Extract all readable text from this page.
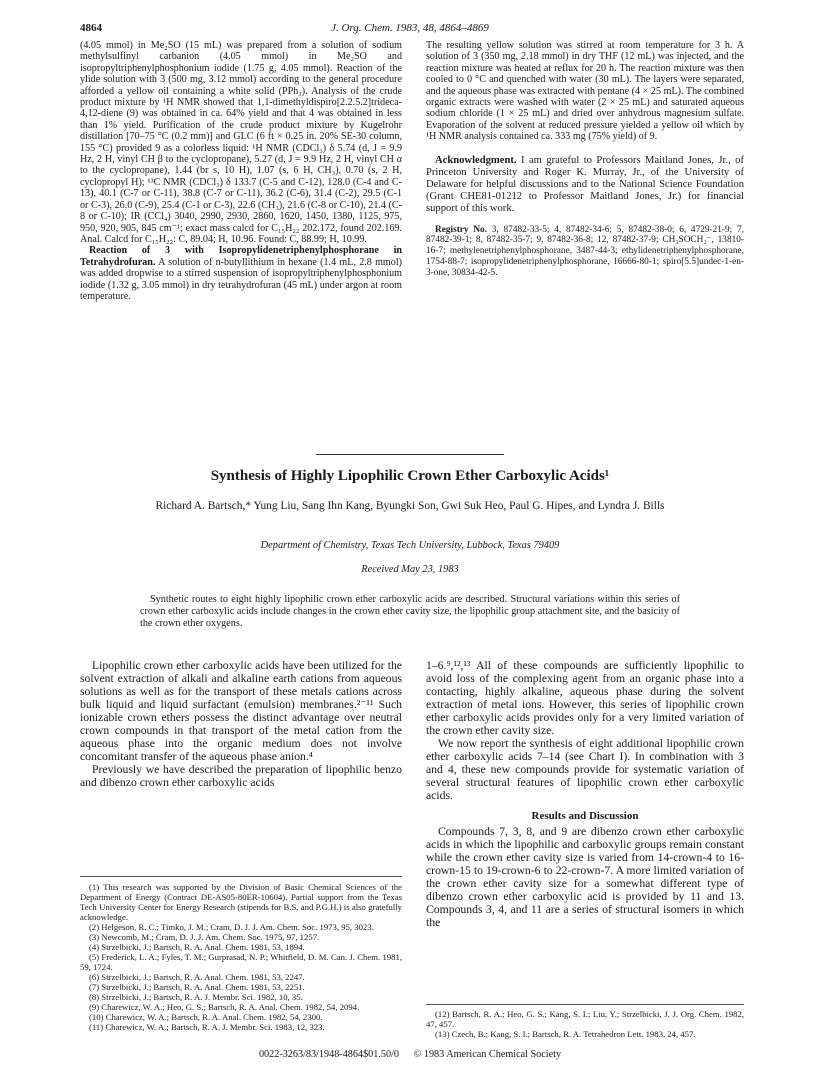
4864	J. Org. Chem. 1983, 48, 4864–4869

(4.05 mmol) in Me₂SO (15 mL) was prepared from a solution of sodium methylsulfinyl carbanion (4.05 mmol) in Me₂SO and isopropyltriphenylphosphonium iodide (1.75 g, 4.05 mmol). Reaction of the ylide solution with 3 (500 mg, 3.12 mmol) according to the general procedure afforded a yellow oil containing a white solid (PPh₃). Analysis of the crude product mixture by ¹H NMR showed that 1,1-dimethyldispiro[2.2.5.2]trideca-4,12-diene (9) was obtained in ca. 64% yield and that 4 was obtained in less than 1% yield. Purification of the crude product mixture by Kugelrohr distillation [70–75 °C (0.2 mm)] and GLC (6 ft × 0.25 in. 20% SE-30 column, 155 °C) provided 9 as a colorless liquid: ¹H NMR (CDCl₃) δ 5.74 (d, J = 9.9 Hz, 2 H, vinyl CH β to the cyclopropane), 5.27 (d, J = 9.9 Hz, 2 H, vinyl CH α to the cyclopropane), 1.44 (br s, 10 H), 1.07 (s, 6 H, CH₃), 0.70 (s, 2 H, cyclopropyl H); ¹³C NMR (CDCl₃) δ 133.7 (C-5 and C-12), 128.0 (C-4 and C-13), 40.1 (C-7 or C-11), 38.8 (C-7 or C-11), 36.2 (C-6), 31.4 (C-2), 29.5 (C-1 or C-3), 26.0 (C-9), 25.4 (C-1 or C-3), 22.6 (CH₃), 21.6 (C-8 or C-10), 21.4 (C-8 or C-10); IR (CCl₄) 3040, 2990, 2930, 2860, 1620, 1450, 1380, 1125, 975, 950, 920, 905, 845 cm⁻¹; exact mass calcd for C₁₅H₂₂ 202.172, found 202.169. Anal. Calcd for C₁₅H₂₂: C, 89.04; H, 10.96. Found: C, 88.99; H, 10.99.

Reaction of 3 with Isopropylidenetriphenylphosphorane in Tetrahydrofuran. A solution of n-butyllithium in hexane (1.4 mL, 2.8 mmol) was added dropwise to a stirred suspension of isopropyltriphenylphosphonium iodide (1.32 g, 3.05 mmol) in dry tetrahydrofuran (45 mL) under argon at room temperature.

The resulting yellow solution was stirred at room temperature for 3 h. A solution of 3 (350 mg, 2.18 mmol) in dry THF (12 mL) was injected, and the reaction mixture was heated at reflux for 20 h. The reaction mixture was then cooled to 0 °C and quenched with water (30 mL). The layers were separated, and the aqueous phase was extracted with pentane (4 × 25 mL). The combined organic extracts were washed with water (2 × 25 mL) and saturated aqueous sodium chloride (1 × 25 mL) and dried over anhydrous magnesium sulfate. Evaporation of the solvent at reduced pressure yielded a yellow oil which by ¹H NMR analysis contained ca. 333 mg (75% yield) of 9.

Acknowledgment. I am grateful to Professors Maitland Jones, Jr., of Princeton University and Roger K. Murray, Jr., of the University of Delaware for helpful discussions and to the National Science Foundation (Grant CHE81-01212 to Professor Maitland Jones, Jr.) for financial support of this work.

Registry No. 3, 87482-33-5; 4, 87482-34-6; 5, 87482-38-0; 6, 4729-21-9; 7, 87482-39-1; 8, 87482-35-7; 9, 87482-36-8; 12, 87482-37-9; CH₃SOCH₂⁻, 13810-16-7; methylenetriphenylphosphorane, 3487-44-3; ethylidenetriphenylphosphorane, 1754-88-7; isopropylidenetriphenylphosphorane, 16666-80-1; spiro[5.5]undec-1-en-3-one, 30834-42-5.

Synthesis of Highly Lipophilic Crown Ether Carboxylic Acids¹
Richard A. Bartsch,* Yung Liu, Sang Ihn Kang, Byungki Son, Gwi Suk Heo, Paul G. Hipes, and Lyndra J. Bills
Department of Chemistry, Texas Tech University, Lubbock, Texas 79409
Received May 23, 1983
Synthetic routes to eight highly lipophilic crown ether carboxylic acids are described. Structural variations within this series of crown ether carboxylic acids include changes in the crown ether cavity size, the lipophilic group attachment site, and the basicity of the crown ether oxygens.

Lipophilic crown ether carboxylic acids have been utilized for the solvent extraction of alkali and alkaline earth cations from aqueous solutions as well as for the transport of these metals cations across bulk liquid and liquid surfactant (emulsion) membranes.²⁻¹¹ Such ionizable crown ethers possess the distinct advantage over neutral crown compounds in that transport of the metal cation from the aqueous phase into the organic medium does not involve concomitant transfer of the aqueous phase anion.⁴

Previously we have described the preparation of lipophilic benzo and dibenzo crown ether carboxylic acids

1–6.⁹,¹²,¹³ All of these compounds are sufficiently lipophilic to avoid loss of the complexing agent from an organic phase into a contacting, highly alkaline, aqueous phase during the solvent extraction of metal ions. However, this series of lipophilic crown ether carboxylic acids provides only for a very limited variation of the crown ether cavity size.

We now report the synthesis of eight additional lipophilic crown ether carboxylic acids 7–14 (see Chart I). In combination with 3 and 4, these new compounds provide for systematic variation of several structural features of lipophilic crown ether carboxylic acids.

Results and Discussion

Compounds 7, 3, 8, and 9 are dibenzo crown ether carboxylic acids in which the lipophilic and carboxylic groups remain constant while the crown ether cavity size is varied from 14-crown-4 to 16-crown-15 to 19-crown-6 to 22-crown-7. A more limited variation of the crown ether cavity size for a somewhat different type of dibenzo crown ether carboxylic acid is provided by 11 and 13. Compounds 3, 4, and 11 are a series of structural isomers in which the

(1) This research was supported by the Division of Basic Chemical Sciences of the Department of Energy (Contract DE-AS05-80ER-10604). Partial support from the Texas Tech University Center for Energy Research (stipends for B.S. and P.G.H.) is also gratefully acknowledge.
(2) Helgeson, R. C.; Timko, J. M.; Cram, D. J. J. Am. Chem. Soc. 1973, 95, 3023.
(3) Newcomb, M.; Cram, D. J. J. Am. Chem. Soc. 1975, 97, 1257.
(4) Strzelbicki, J.; Bartsch, R. A. Anal. Chem. 1981, 53, 1894.
(5) Frederick, L. A.; Fyles, T. M.; Gurprasad, N. P.; Whitfield, D. M. Can. J. Chem. 1981, 59, 1724.
(6) Strzelbicki, J.; Bartsch, R. A. Anal. Chem. 1981, 53, 2247.
(7) Strzelbicki, J.; Bartsch, R. A. Anal. Chem. 1981, 53, 2251.
(8) Strzelbicki, J.; Bartsch, R. A. J. Membr. Sci. 1982, 10, 35.
(9) Charewicz, W. A.; Heo, G. S.; Bartsch, R. A. Anal. Chem. 1982, 54, 2094.
(10) Charewicz, W. A.; Bartsch, R. A. Anal. Chem. 1982, 54, 2300.
(11) Charewicz, W. A.; Bartsch, R. A. J. Membr. Sci. 1983, 12, 323.
(12) Bartsch, R. A.; Heo, G. S.; Kang, S. I.; Liu, Y.; Strzelbicki, J. J. Org. Chem. 1982, 47, 457.
(13) Czech, B.; Kang, S. I.; Bartsch, R. A. Tetrahedron Lett. 1983, 24, 457.
0022-3263/83/1948-4864$01.50/0 © 1983 American Chemical Society
